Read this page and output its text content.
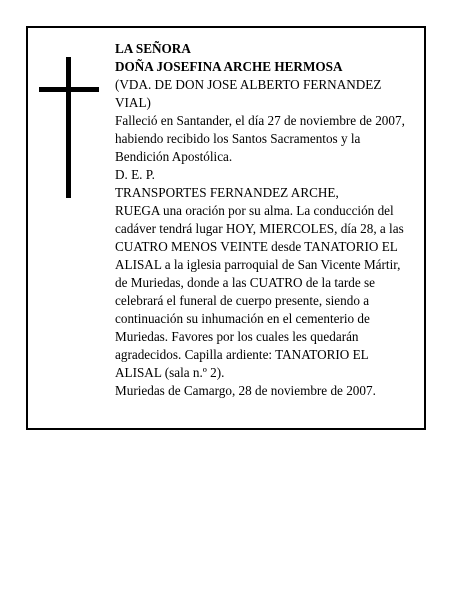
LA SEÑORA
DOÑA JOSEFINA ARCHE HERMOSA
(VDA. DE DON JOSE ALBERTO FERNANDEZ
VIAL)
Falleció en Santander, el día 27 de noviembre de 2007,
habiendo recibido los Santos Sacramentos y la
Bendición Apostólica.
D. E. P.
TRANSPORTES FERNANDEZ ARCHE,
RUEGA una oración por su alma. La conducción del
cadáver tendrá lugar HOY, MIERCOLES, día 28, a las
CUATRO MENOS VEINTE desde TANATORIO EL
ALISAL a la iglesia parroquial de San Vicente Mártir,
de Muriedas, donde a las CUATRO de la tarde se
celebrará el funeral de cuerpo presente, siendo a
continuación su inhumación en el cementerio de
Muriedas. Favores por los cuales les quedarán
agradecidos. Capilla ardiente: TANATORIO EL
ALISAL (sala n.º 2).
Muriedas de Camargo, 28 de noviembre de 2007.
